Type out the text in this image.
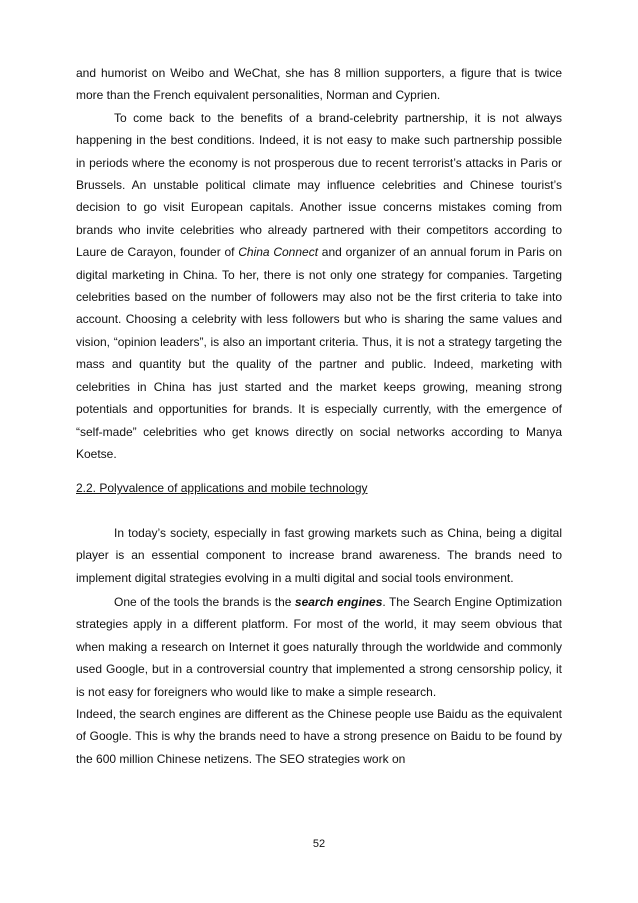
and humorist on Weibo and WeChat, she has 8 million supporters, a figure that is twice more than the French equivalent personalities, Norman and Cyprien.

To come back to the benefits of a brand-celebrity partnership, it is not always happening in the best conditions. Indeed, it is not easy to make such partnership possible in periods where the economy is not prosperous due to recent terrorist’s attacks in Paris or Brussels. An unstable political climate may influence celebrities and Chinese tourist’s decision to go visit European capitals. Another issue concerns mistakes coming from brands who invite celebrities who already partnered with their competitors according to Laure de Carayon, founder of China Connect and organizer of an annual forum in Paris on digital marketing in China. To her, there is not only one strategy for companies. Targeting celebrities based on the number of followers may also not be the first criteria to take into account. Choosing a celebrity with less followers but who is sharing the same values and vision, “opinion leaders”, is also an important criteria. Thus, it is not a strategy targeting the mass and quantity but the quality of the partner and public. Indeed, marketing with celebrities in China has just started and the market keeps growing, meaning strong potentials and opportunities for brands. It is especially currently, with the emergence of “self-made” celebrities who get knows directly on social networks according to Manya Koetse.

2.2. Polyvalence of applications and mobile technology

In today’s society, especially in fast growing markets such as China, being a digital player is an essential component to increase brand awareness. The brands need to implement digital strategies evolving in a multi digital and social tools environment.

One of the tools the brands is the search engines. The Search Engine Optimization strategies apply in a different platform. For most of the world, it may seem obvious that when making a research on Internet it goes naturally through the worldwide and commonly used Google, but in a controversial country that implemented a strong censorship policy, it is not easy for foreigners who would like to make a simple research.

Indeed, the search engines are different as the Chinese people use Baidu as the equivalent of Google. This is why the brands need to have a strong presence on Baidu to be found by the 600 million Chinese netizens. The SEO strategies work on

52
